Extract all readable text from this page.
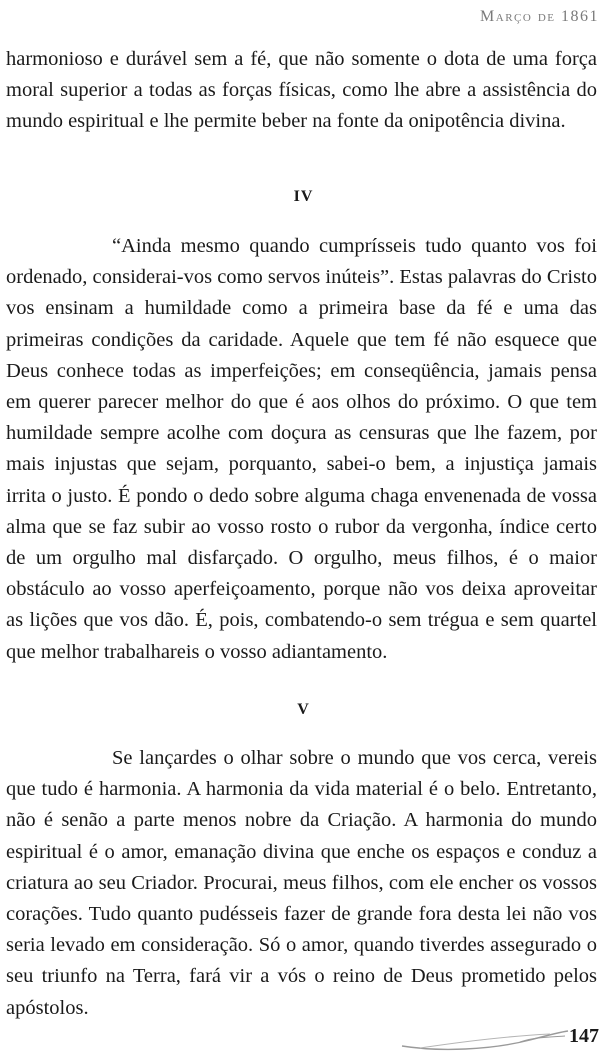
Março de 1861

harmonioso e durável sem a fé, que não somente o dota de uma força moral superior a todas as forças físicas, como lhe abre a assistência do mundo espiritual e lhe permite beber na fonte da onipotência divina.

IV

“Ainda mesmo quando cumprísseis tudo quanto vos foi ordenado, considerai-vos como servos inúteis”. Estas palavras do Cristo vos ensinam a humildade como a primeira base da fé e uma das primeiras condições da caridade. Aquele que tem fé não esquece que Deus conhece todas as imperfeições; em conseqüência, jamais pensa em querer parecer melhor do que é aos olhos do próximo. O que tem humildade sempre acolhe com doçura as censuras que lhe fazem, por mais injustas que sejam, porquanto, sabei-o bem, a injustiça jamais irrita o justo. É pondo o dedo sobre alguma chaga envenenada de vossa alma que se faz subir ao vosso rosto o rubor da vergonha, índice certo de um orgulho mal disfarçado. O orgulho, meus filhos, é o maior obstáculo ao vosso aperfeiçoamento, porque não vos deixa aproveitar as lições que vos dão. É, pois, combatendo-o sem trégua e sem quartel que melhor trabalhareis o vosso adiantamento.

V

Se lançardes o olhar sobre o mundo que vos cerca, vereis que tudo é harmonia. A harmonia da vida material é o belo. Entretanto, não é senão a parte menos nobre da Criação. A harmonia do mundo espiritual é o amor, emanação divina que enche os espaços e conduz a criatura ao seu Criador. Procurai, meus filhos, com ele encher os vossos corações. Tudo quanto pudésseis fazer de grande fora desta lei não vos seria levado em consideração. Só o amor, quando tiverdes assegurado o seu triunfo na Terra, fará vir a vós o reino de Deus prometido pelos apóstolos.

147
